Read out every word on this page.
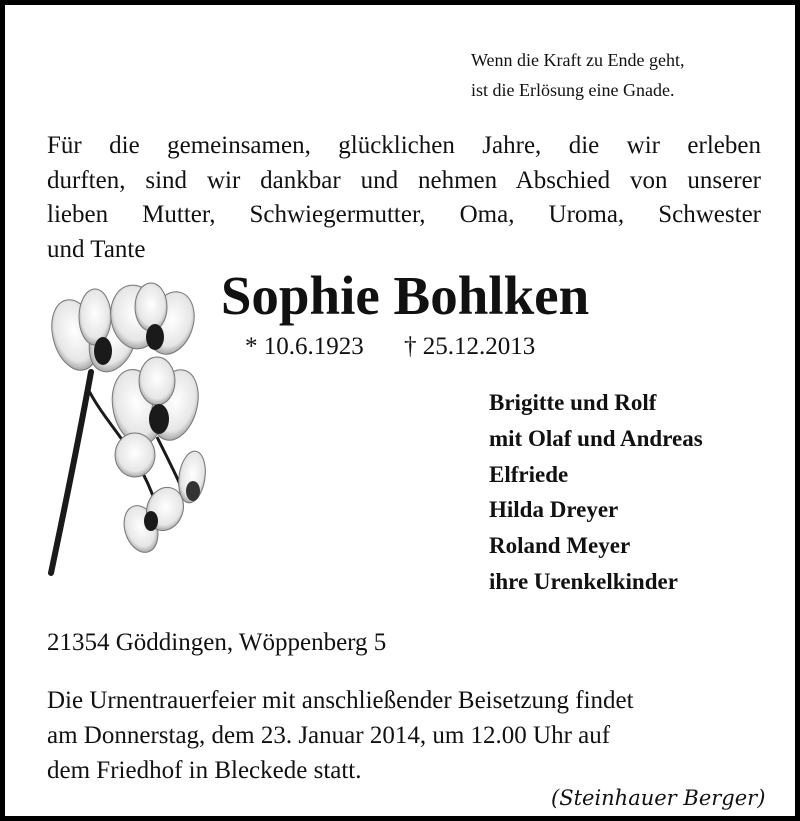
Wenn die Kraft zu Ende geht,
ist die Erlösung eine Gnade.
Für die gemeinsamen, glücklichen Jahre, die wir erleben
durften, sind wir dankbar und nehmen Abschied von unserer
lieben Mutter, Schwiegermutter, Oma, Uroma, Schwester
und Tante
Sophie Bohlken
* 10.6.1923 † 25.12.2013
Brigitte und Rolf
mit Olaf und Andreas
Elfriede
Hilda Dreyer
Roland Meyer
ihre Urenkelkinder
21354 Göddingen, Wöppenberg 5
Die Urnentrauerfeier mit anschließender Beisetzung findet
am Donnerstag, dem 23. Januar 2014, um 12.00 Uhr auf
dem Friedhof in Bleckede statt.
(Steinhauer Berger)
